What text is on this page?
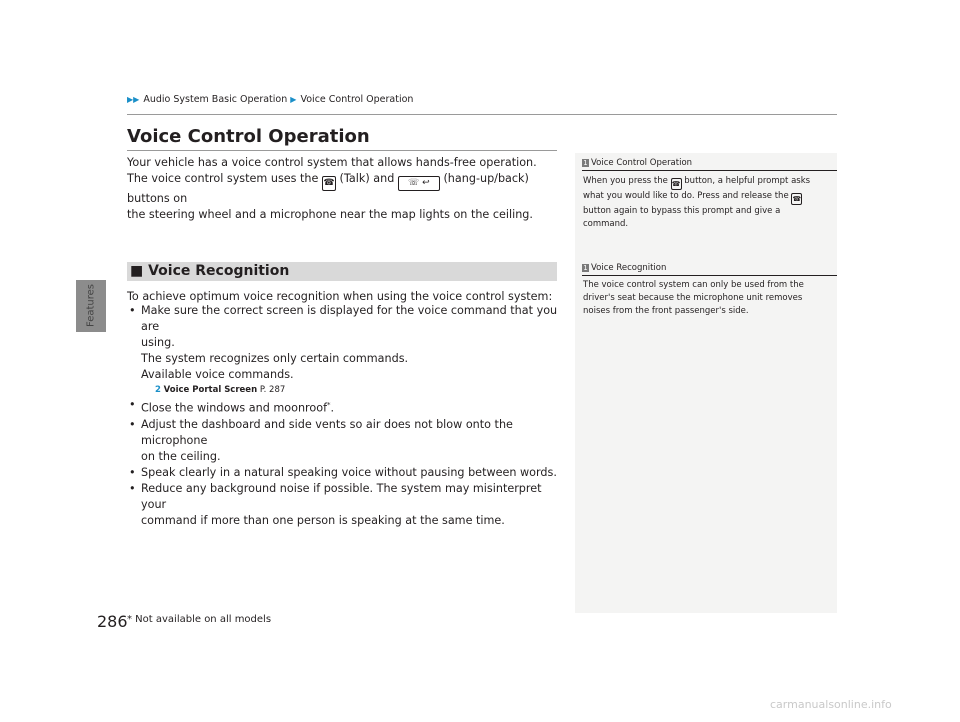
Features
▶▶ Audio System Basic Operation ▶ Voice Control Operation
Voice Control Operation
Your vehicle has a voice control system that allows hands-free operation.
The voice control system uses the ☎ (Talk) and ☏ ↩ (hang-up/back) buttons on
the steering wheel and a microphone near the map lights on the ceiling.
■ Voice Recognition
To achieve optimum voice recognition when using the voice control system:
• Make sure the correct screen is displayed for the voice command that you are
using.
The system recognizes only certain commands.
Available voice commands.
2 Voice Portal Screen P. 287
• Close the windows and moonroof*.
• Adjust the dashboard and side vents so air does not blow onto the microphone
on the ceiling.
• Speak clearly in a natural speaking voice without pausing between words.
• Reduce any background noise if possible. The system may misinterpret your
command if more than one person is speaking at the same time.
1 Voice Control Operation
When you press the ☎ button, a helpful prompt asks
what you would like to do. Press and release the ☎
button again to bypass this prompt and give a
command.
1 Voice Recognition
The voice control system can only be used from the
driver's seat because the microphone unit removes
noises from the front passenger's side.
286 * Not available on all models
carmanualsonline.info
